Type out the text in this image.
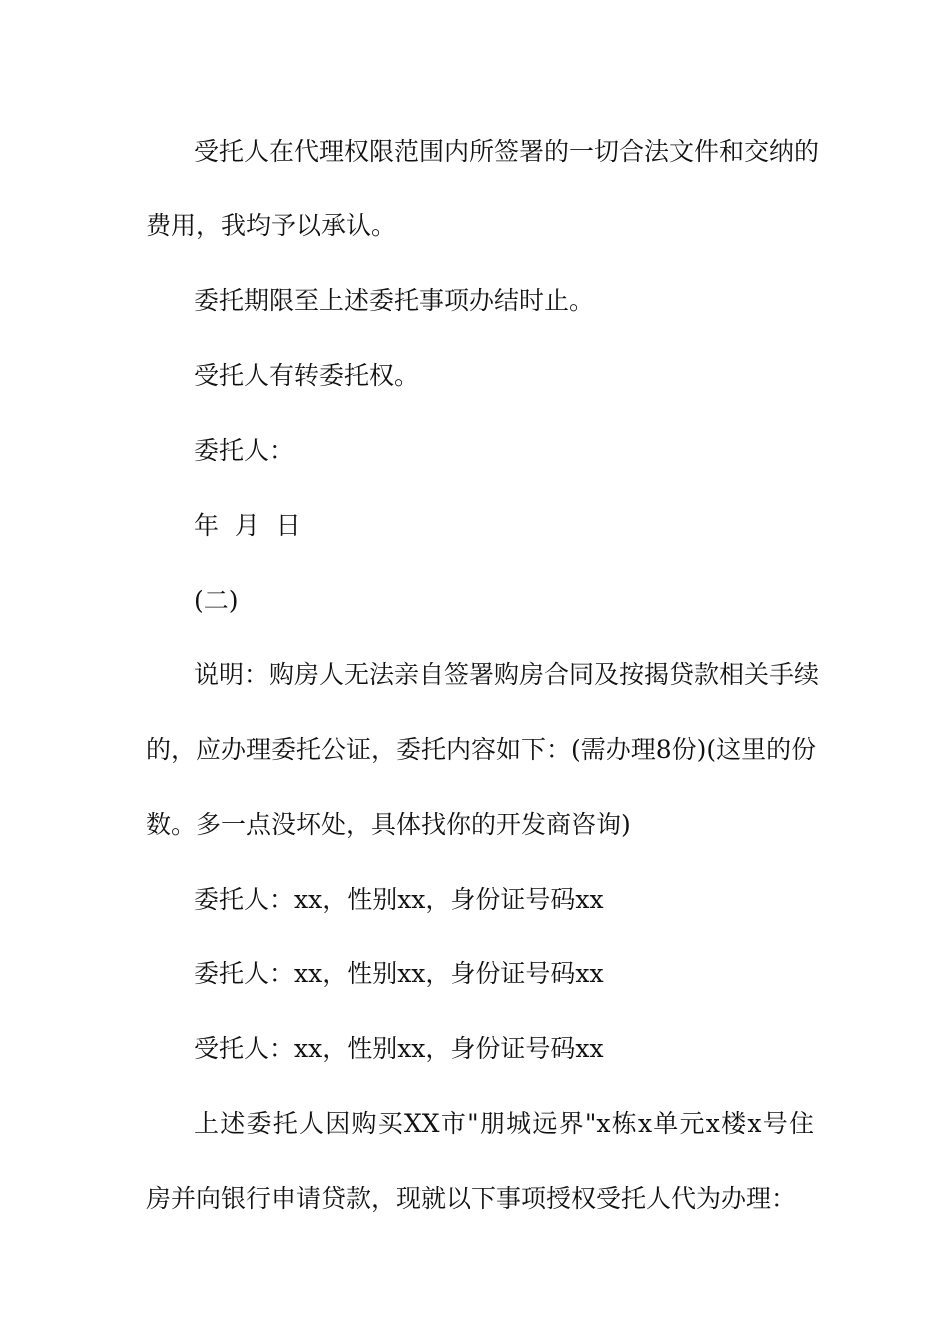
受托人在代理权限范围内所签署的一切合法文件和交纳的

费用，我均予以承认。

委托期限至上述委托事项办结时止。

受托人有转委托权。

委托人：

年  月  日

(二)

说明：购房人无法亲自签署购房合同及按揭贷款相关手续

的，应办理委托公证，委托内容如下：(需办理8份)(这里的份

数。多一点没坏处，具体找你的开发商咨询)

委托人：xx，性别xx，身份证号码xx

委托人：xx，性别xx，身份证号码xx

受托人：xx，性别xx，身份证号码xx

上述委托人因购买XX市"朋城远界"x栋x单元x楼x号住

房并向银行申请贷款，现就以下事项授权受托人代为办理：
